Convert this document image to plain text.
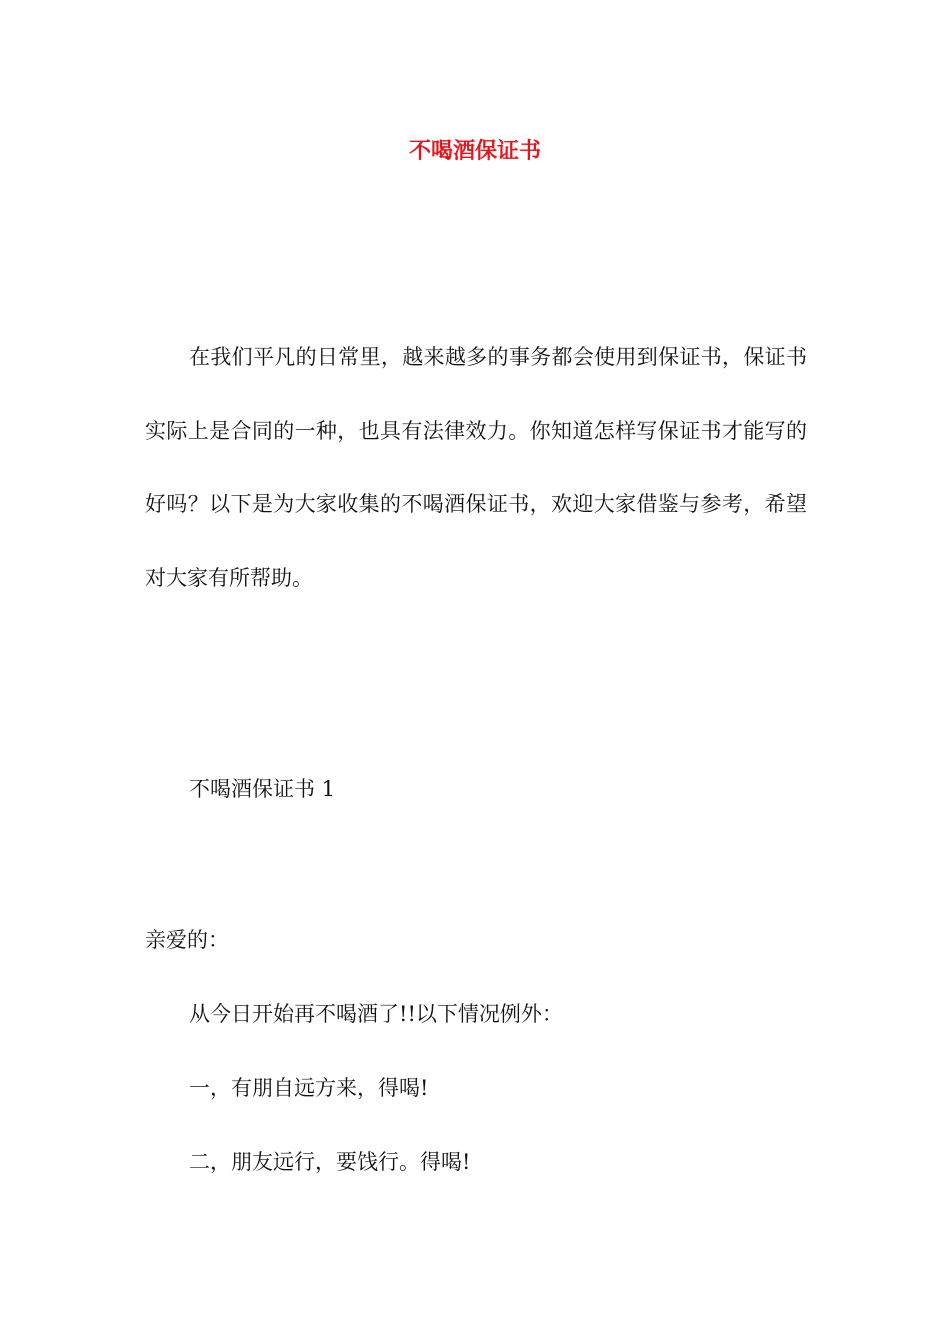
不喝酒保证书

在我们平凡的日常里，越来越多的事务都会使用到保证书，保证书实际上是合同的一种，也具有法律效力。你知道怎样写保证书才能写的好吗？以下是为大家收集的不喝酒保证书，欢迎大家借鉴与参考，希望对大家有所帮助。

不喝酒保证书 1

亲爱的：

从今日开始再不喝酒了!!以下情况例外：

一，有朋自远方来，得喝!

二，朋友远行，要饯行。得喝!
